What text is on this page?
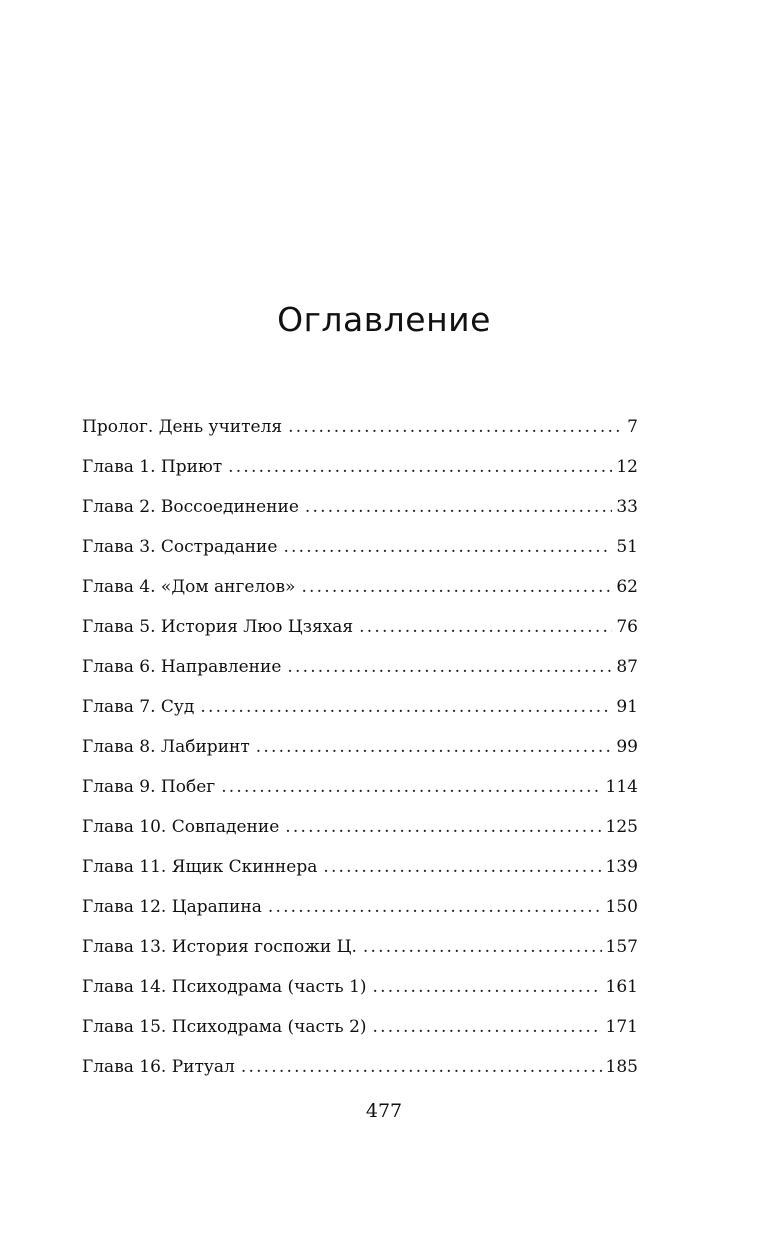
Оглавление
Пролог. День учителя .....	7
Глава 1. Приют .....	12
Глава 2. Воссоединение .....	33
Глава 3. Сострадание .....	51
Глава 4. «Дом ангелов» .....	62
Глава 5. История Люо Цзяхая .....	76
Глава 6. Направление .....	87
Глава 7. Суд .....	91
Глава 8. Лабиринт .....	99
Глава 9. Побег .....	114
Глава 10. Совпадение .....	125
Глава 11. Ящик Скиннера .....	139
Глава 12. Царапина .....	150
Глава 13. История госпожи Ц. .....	157
Глава 14. Психодрама (часть 1) .....	161
Глава 15. Психодрама (часть 2) .....	171
Глава 16. Ритуал .....	185
477
